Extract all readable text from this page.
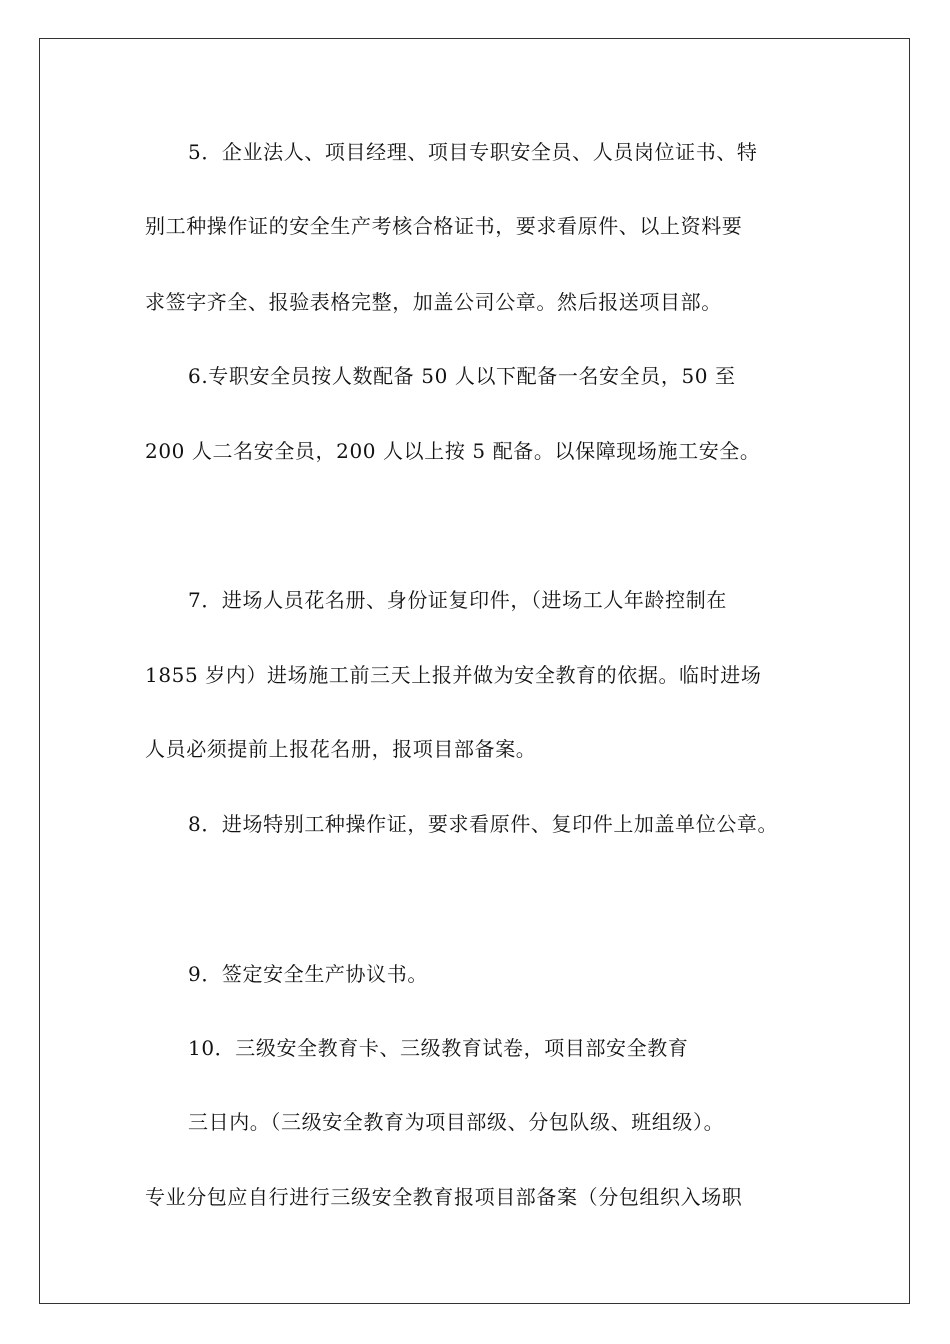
5．企业法人、项目经理、项目专职安全员、人员岗位证书、特
别工种操作证的安全生产考核合格证书，要求看原件、以上资料要
求签字齐全、报验表格完整，加盖公司公章。然后报送项目部。
6.专职安全员按人数配备 50 人以下配备一名安全员，50 至
200 人二名安全员，200 人以上按 5 配备。以保障现场施工安全。
7．进场人员花名册、身份证复印件，（进场工人年龄控制在
1855 岁内）进场施工前三天上报并做为安全教育的依据。临时进场
人员必须提前上报花名册，报项目部备案。
8．进场特别工种操作证，要求看原件、复印件上加盖单位公章。
9．签定安全生产协议书。
10．三级安全教育卡、三级教育试卷，项目部安全教育
三日内。（三级安全教育为项目部级、分包队级、班组级）。
专业分包应自行进行三级安全教育报项目部备案（分包组织入场职
